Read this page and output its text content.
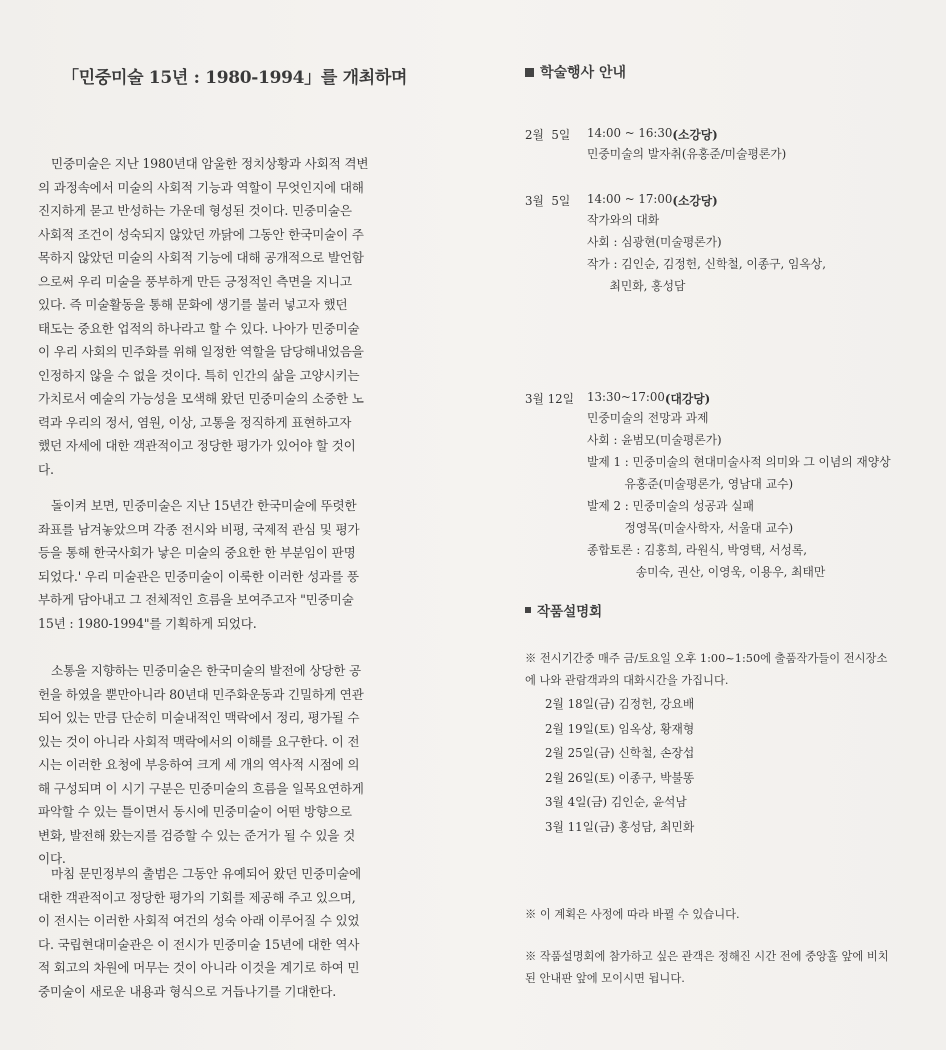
「민중미술 15년 : 1980-1994」를 개최하며
민중미술은 지난 1980년대 암울한 정치상황과 사회적 격변
의 과정속에서 미술의 사회적 기능과 역할이 무엇인지에 대해
진지하게 묻고 반성하는 가운데 형성된 것이다. 민중미술은
사회적 조건이 성숙되지 않았던 까닭에 그동안 한국미술이 주
목하지 않았던 미술의 사회적 기능에 대해 공개적으로 발언함
으로써 우리 미술을 풍부하게 만든 긍정적인 측면을 지니고
있다. 즉 미술활동을 통해 문화에 생기를 불러 넣고자 했던
태도는 중요한 업적의 하나라고 할 수 있다. 나아가 민중미술
이 우리 사회의 민주화를 위해 일정한 역할을 담당해내었음을
인정하지 않을 수 없을 것이다. 특히 인간의 삶을 고양시키는
가치로서 예술의 가능성을 모색해 왔던 민중미술의 소중한 노
력과 우리의 정서, 염원, 이상, 고통을 정직하게 표현하고자
했던 자세에 대한 객관적이고 정당한 평가가 있어야 할 것이
다.
돌이켜 보면, 민중미술은 지난 15년간 한국미술에 뚜렷한
좌표를 남겨놓았으며 각종 전시와 비평, 국제적 관심 및 평가
등을 통해 한국사회가 낳은 미술의 중요한 한 부분임이 판명
되었다.' 우리 미술관은 민중미술이 이룩한 이러한 성과를 풍
부하게 담아내고 그 전체적인 흐름을 보여주고자 "민중미술
15년 : 1980-1994"를 기획하게 되었다.
소통을 지향하는 민중미술은 한국미술의 발전에 상당한 공
헌을 하였을 뿐만아니라 80년대 민주화운동과 긴밀하게 연관
되어 있는 만큼 단순히 미술내적인 맥락에서 정리, 평가될 수
있는 것이 아니라 사회적 맥락에서의 이해를 요구한다. 이 전
시는 이러한 요청에 부응하여 크게 세 개의 역사적 시점에 의
해 구성되며 이 시기 구분은 민중미술의 흐름을 일목요연하게
파악할 수 있는 틀이면서 동시에 민중미술이 어떤 방향으로
변화, 발전해 왔는지를 검증할 수 있는 준거가 될 수 있을 것
이다.
마침 문민정부의 출범은 그동안 유예되어 왔던 민중미술에
대한 객관적이고 정당한 평가의 기회를 제공해 주고 있으며,
이 전시는 이러한 사회적 여건의 성숙 아래 이루어질 수 있었
다. 국립현대미술관은 이 전시가 민중미술 15년에 대한 역사
적 회고의 차원에 머무는 것이 아니라 이것을 계기로 하여 민
중미술이 새로운 내용과 형식으로 거듭나기를 기대한다.
학술행사 안내
2월  5일	14:00 ~ 16:30 (소강당)
민중미술의 발자취(유홍준/미술평론가)
3월  5일	14:00 ~ 17:00 (소강당)
작가와의 대화
사회 : 심광현(미술평론가)
작가 : 김인순, 김정헌, 신학철, 이종구, 임옥상,
최민화, 홍성담
3월 12일	13:30~17:00 (대강당)
민중미술의 전망과 과제
사회 : 윤범모(미술평론가)
발제 1 : 민중미술의 현대미술사적 의미와 그 이념의 재양상
유홍준(미술평론가, 영남대 교수)
발제 2 : 민중미술의 성공과 실패
정영목(미술사학자, 서울대 교수)
종합토론 : 김홍희, 라원식, 박영택, 서성록,
송미숙, 권산, 이영욱, 이용우, 최태만
작품설명회
※ 전시기간중 매주 금/토요일 오후 1:00~1:50에 출품작가들이 전시장소
에 나와 관람객과의 대화시간을 가집니다.
2월 18일(금) 김정헌, 강요배
2월 19일(토) 임옥상, 황재형
2월 25일(금) 신학철, 손장섭
2월 26일(토) 이종구, 박불똥
3월 4일(금) 김인순, 윤석남
3월 11일(금) 홍성담, 최민화
※ 이 계획은 사정에 따라 바뀔 수 있습니다.
※ 작품설명회에 참가하고 싶은 관객은 정해진 시간 전에 중앙홀 앞에 비치
된 안내판 앞에 모이시면 됩니다.
